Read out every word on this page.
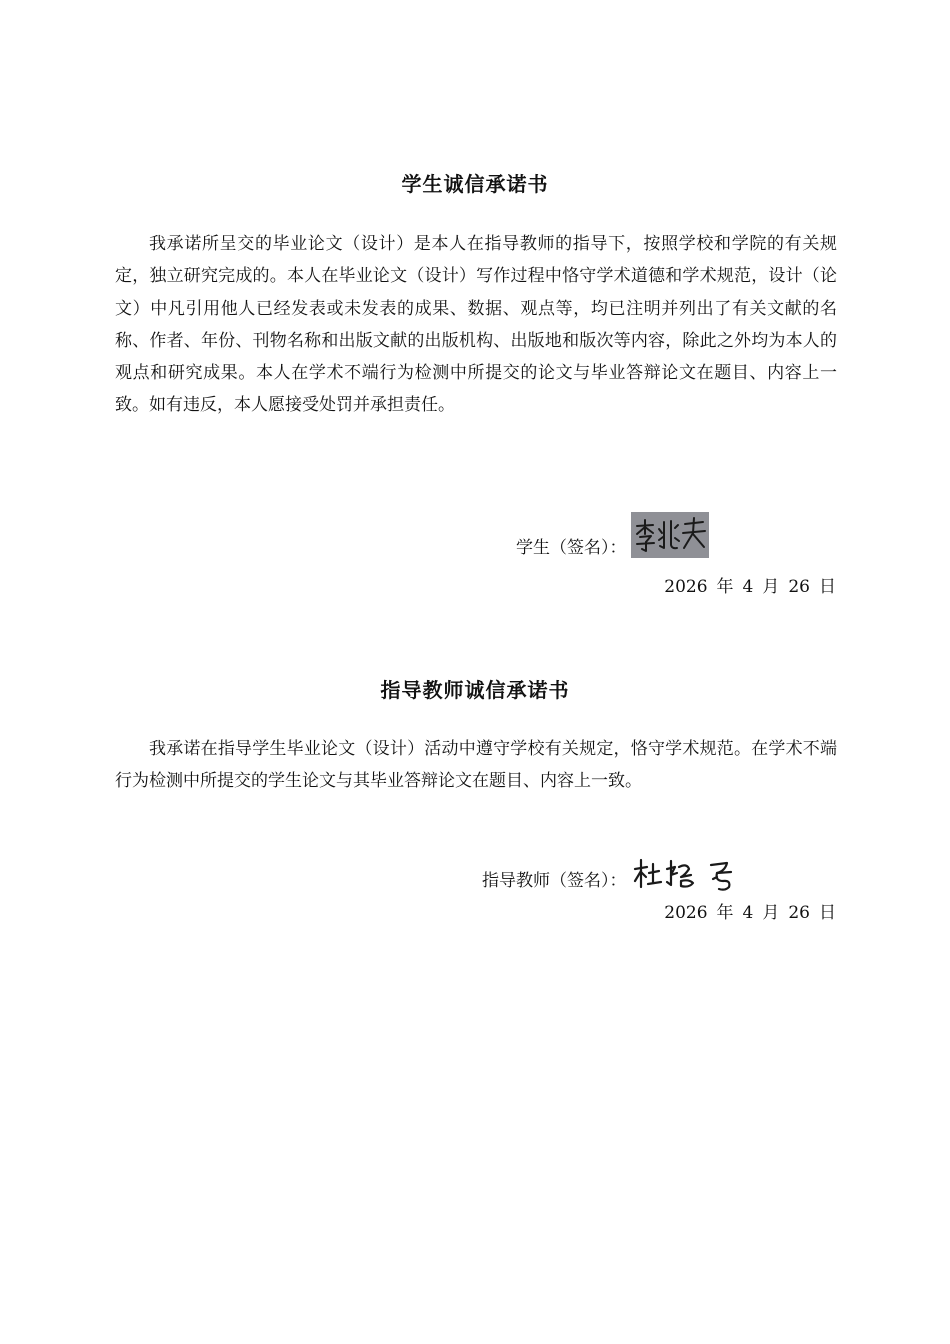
学生诚信承诺书

我承诺所呈交的毕业论文（设计）是本人在指导教师的指导下，按照学校和学院的有关规定，独立研究完成的。本人在毕业论文（设计）写作过程中恪守学术道德和学术规范，设计（论文）中凡引用他人已经发表或未发表的成果、数据、观点等，均已注明并列出了有关文献的名称、作者、年份、刊物名称和出版文献的出版机构、出版地和版次等内容，除此之外均为本人的观点和研究成果。本人在学术不端行为检测中所提交的论文与毕业答辩论文在题目、内容上一致。如有违反，本人愿接受处罚并承担责任。

学生（签名）：
2026 年 4 月 26 日
指导教师诚信承诺书

我承诺在指导学生毕业论文（设计）活动中遵守学校有关规定，恪守学术规范。在学术不端行为检测中所提交的学生论文与其毕业答辩论文在题目、内容上一致。

指导教师（签名）：
2026 年 4 月 26 日
